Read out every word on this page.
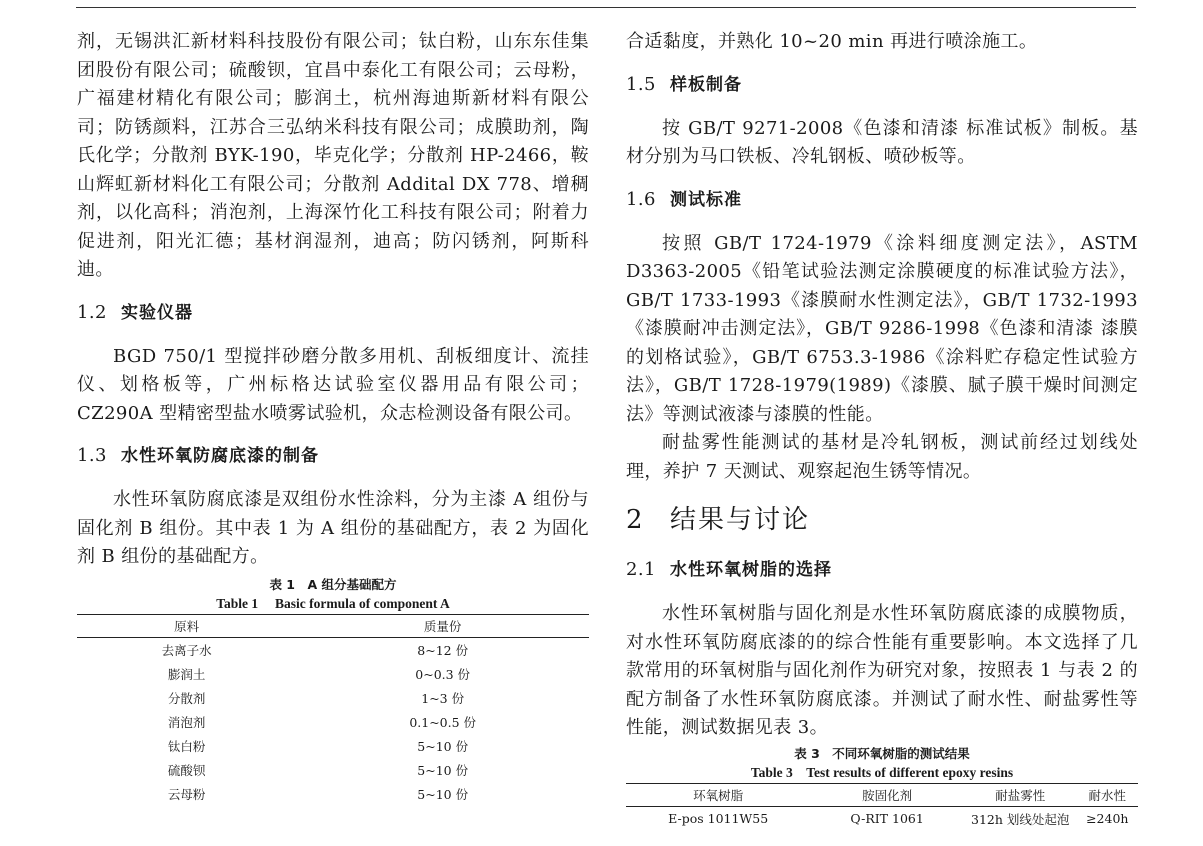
剂，无锡洪汇新材料科技股份有限公司；钛白粉，山东东佳集团股份有限公司；硫酸钡，宜昌中泰化工有限公司；云母粉，广福建材精化有限公司；膨润土，杭州海迪斯新材料有限公司；防锈颜料，江苏合三弘纳米科技有限公司；成膜助剂，陶氏化学；分散剂 BYK-190，毕克化学；分散剂 HP-2466，鞍山辉虹新材料化工有限公司；分散剂 Addital DX 778、增稠剂，以化高科；消泡剂，上海深竹化工科技有限公司；附着力促进剂，阳光汇德；基材润湿剂，迪高；防闪锈剂，阿斯科迪。

1.2 实验仪器

BGD 750/1 型搅拌砂磨分散多用机、刮板细度计、流挂仪、划格板等，广州标格达试验室仪器用品有限公司； CZ290A 型精密型盐水喷雾试验机，众志检测设备有限公司。

1.3 水性环氧防腐底漆的制备

水性环氧防腐底漆是双组份水性涂料，分为主漆 A 组份与固化剂 B 组份。其中表 1 为 A 组份的基础配方，表 2 为固化剂 B 组份的基础配方。

表 1　A 组分基础配方
Table 1　 Basic formula of component A
原料	质量份
去离子水	8~12 份
膨润土	0~0.3 份
分散剂	1~3 份
消泡剂	0.1~0.5 份
钛白粉	5~10 份
硫酸钡	5~10 份
云母粉	5~10 份

合适黏度，并熟化 10~20 min 再进行喷涂施工。

1.5 样板制备

按 GB/T 9271-2008《色漆和清漆 标准试板》制板。基材分别为马口铁板、冷轧钢板、喷砂板等。

1.6 测试标准

按照 GB/T 1724-1979《涂料细度测定法》，ASTM D3363-2005《铅笔试验法测定涂膜硬度的标准试验方法》，GB/T 1733-1993《漆膜耐水性测定法》，GB/T 1732-1993《漆膜耐冲击测定法》，GB/T 9286-1998《色漆和清漆 漆膜的划格试验》，GB/T 6753.3-1986《涂料贮存稳定性试验方法》，GB/T 1728-1979(1989)《漆膜、腻子膜干燥时间测定法》等测试液漆与漆膜的性能。

耐盐雾性能测试的基材是冷轧钢板，测试前经过划线处理，养护 7 天测试、观察起泡生锈等情况。

2 结果与讨论
2.1 水性环氧树脂的选择

水性环氧树脂与固化剂是水性环氧防腐底漆的成膜物质，对水性环氧防腐底漆的的综合性能有重要影响。本文选择了几款常用的环氧树脂与固化剂作为研究对象，按照表 1 与表 2 的配方制备了水性环氧防腐底漆。并测试了耐水性、耐盐雾性等性能，测试数据见表 3。

表 3　不同环氧树脂的测试结果
Table 3　Test results of different epoxy resins
环氧树脂	胺固化剂	耐盐雾性	耐水性
E-pos 1011W55	Q-RIT 1061	312h 划线处起泡	≥240h
